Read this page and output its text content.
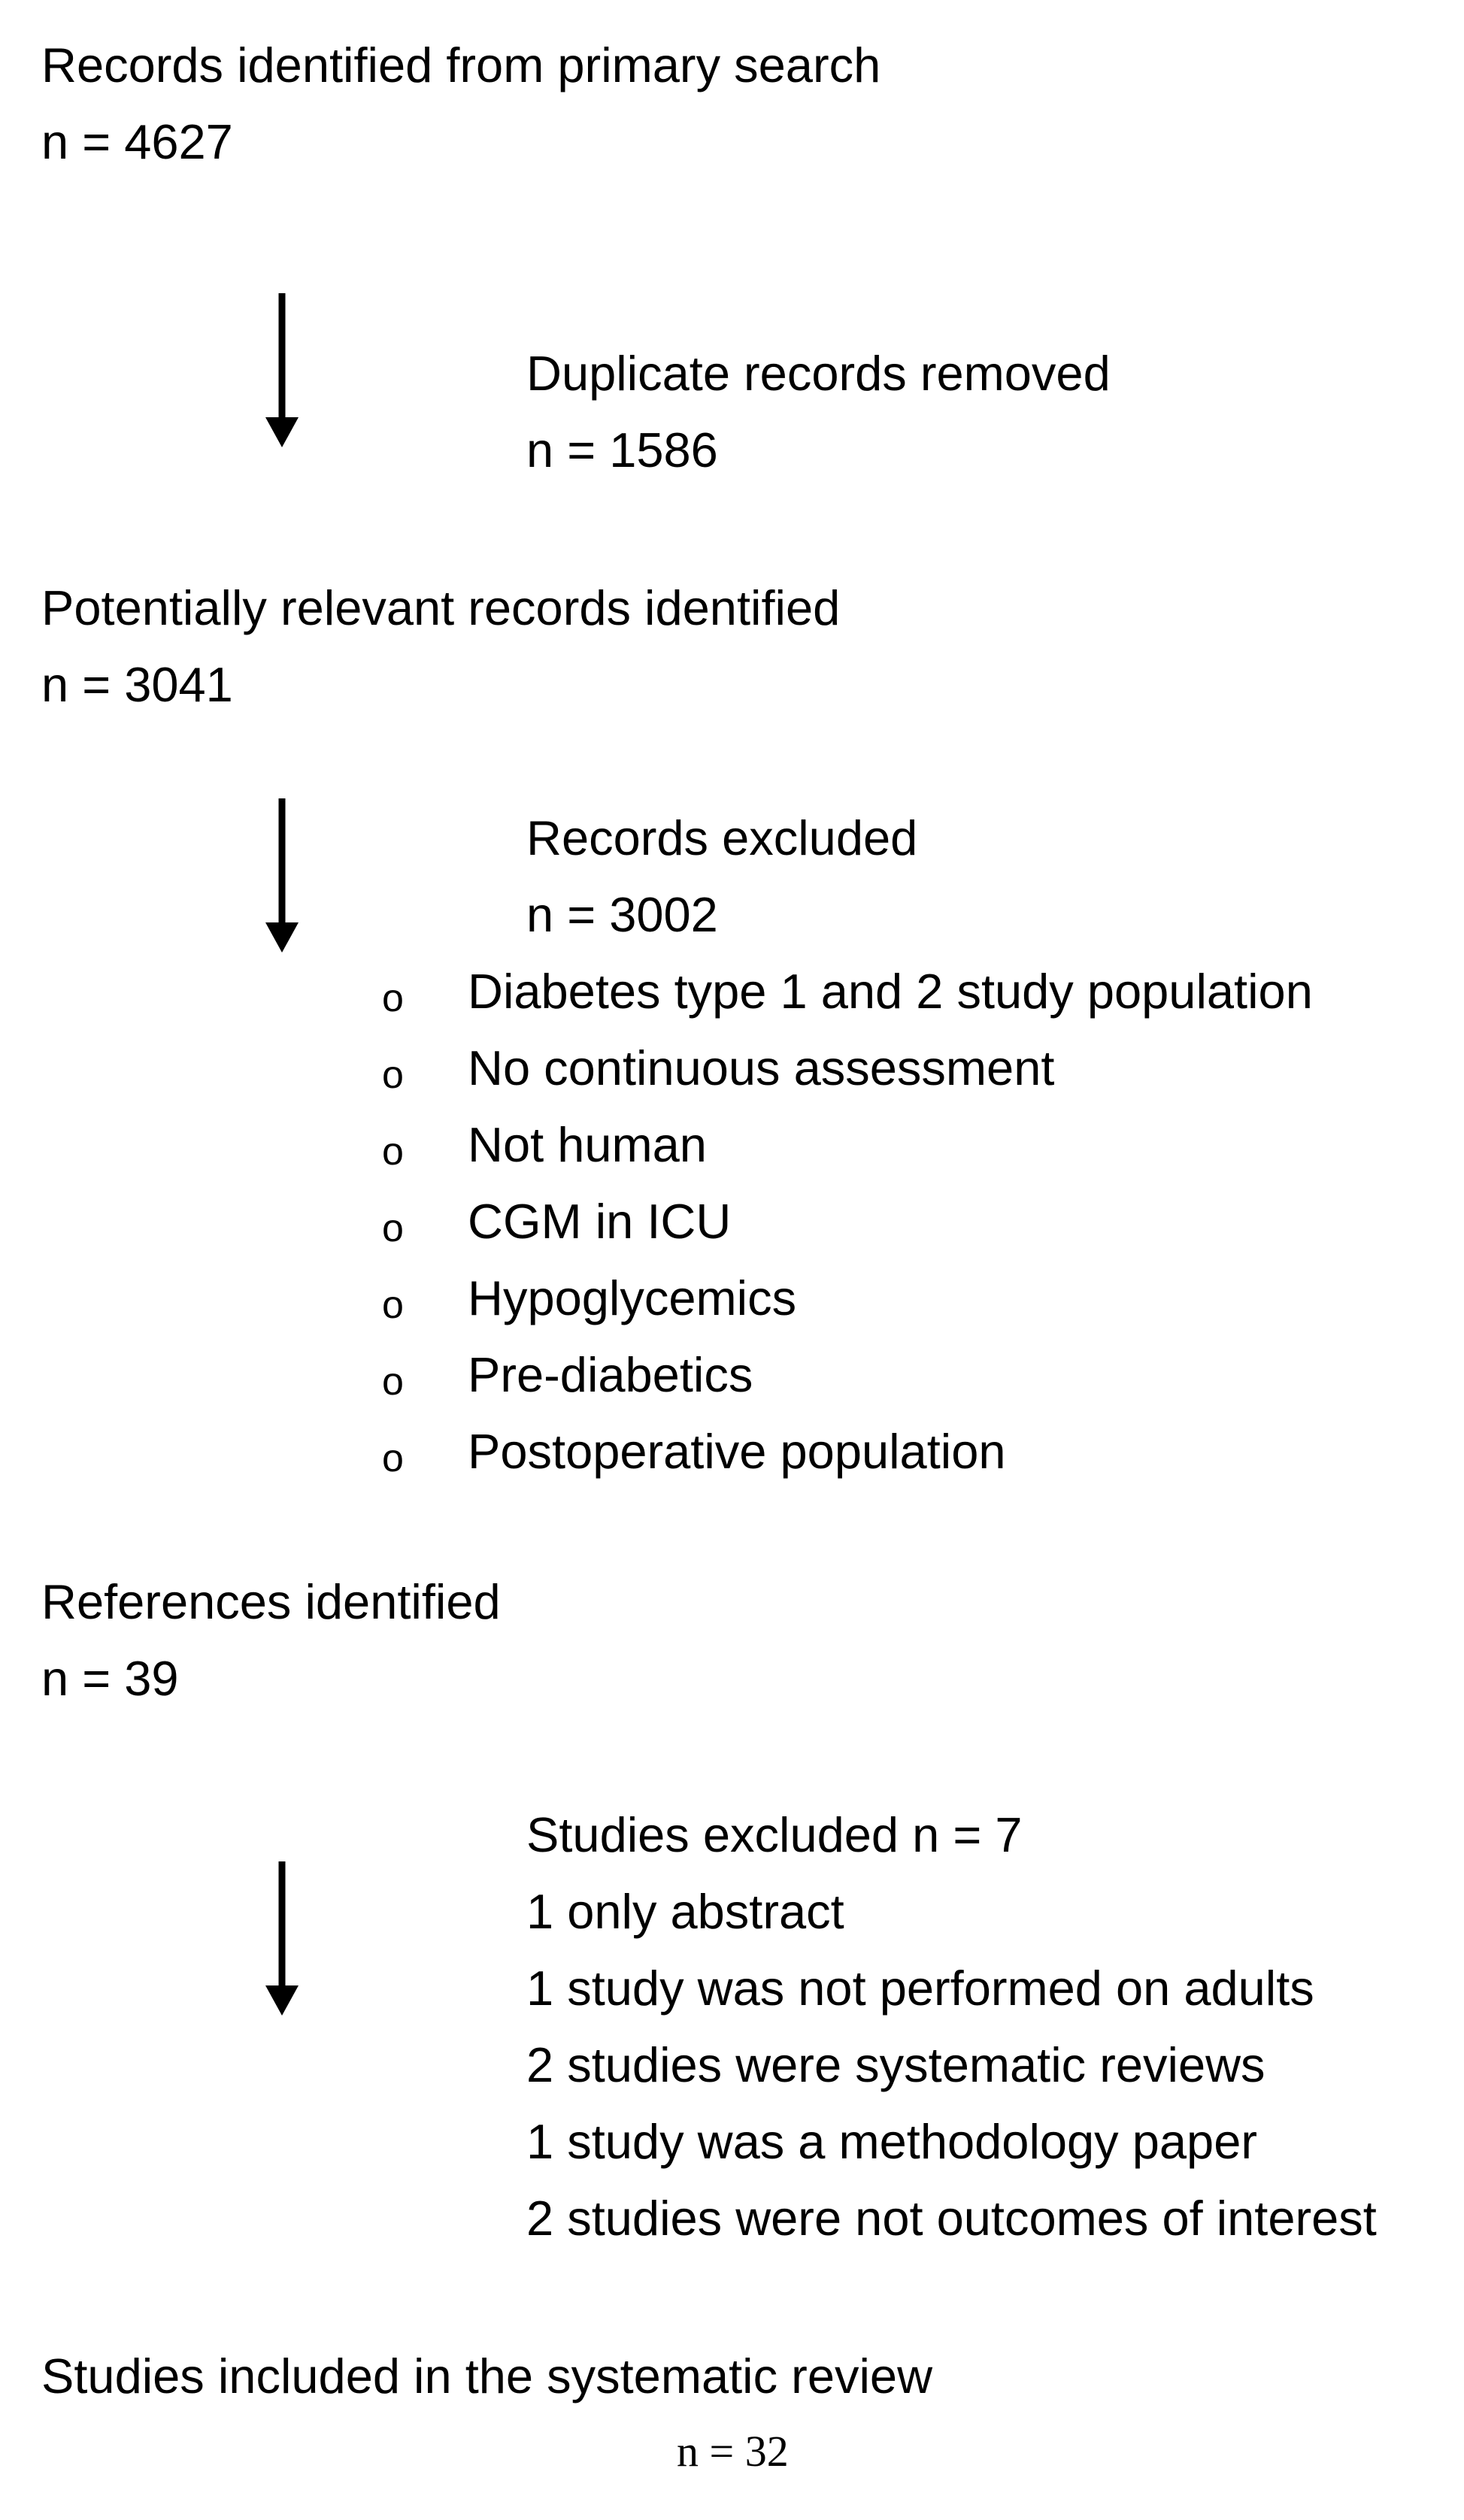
Records identified from primary search
n = 4627
Duplicate records removed
n = 1586
Potentially relevant records identified
n = 3041
Records excluded
n = 3002
o Diabetes type 1 and 2 study population
o No continuous assessment
o Not human
o CGM in ICU
o Hypoglycemics
o Pre-diabetics
o Postoperative population
References identified
n = 39
Studies excluded n = 7
1 only abstract
1 study was not performed on adults
2 studies were systematic reviews
1 study was a methodology paper
2 studies were not outcomes of interest
Studies included in the systematic review
n = 32
